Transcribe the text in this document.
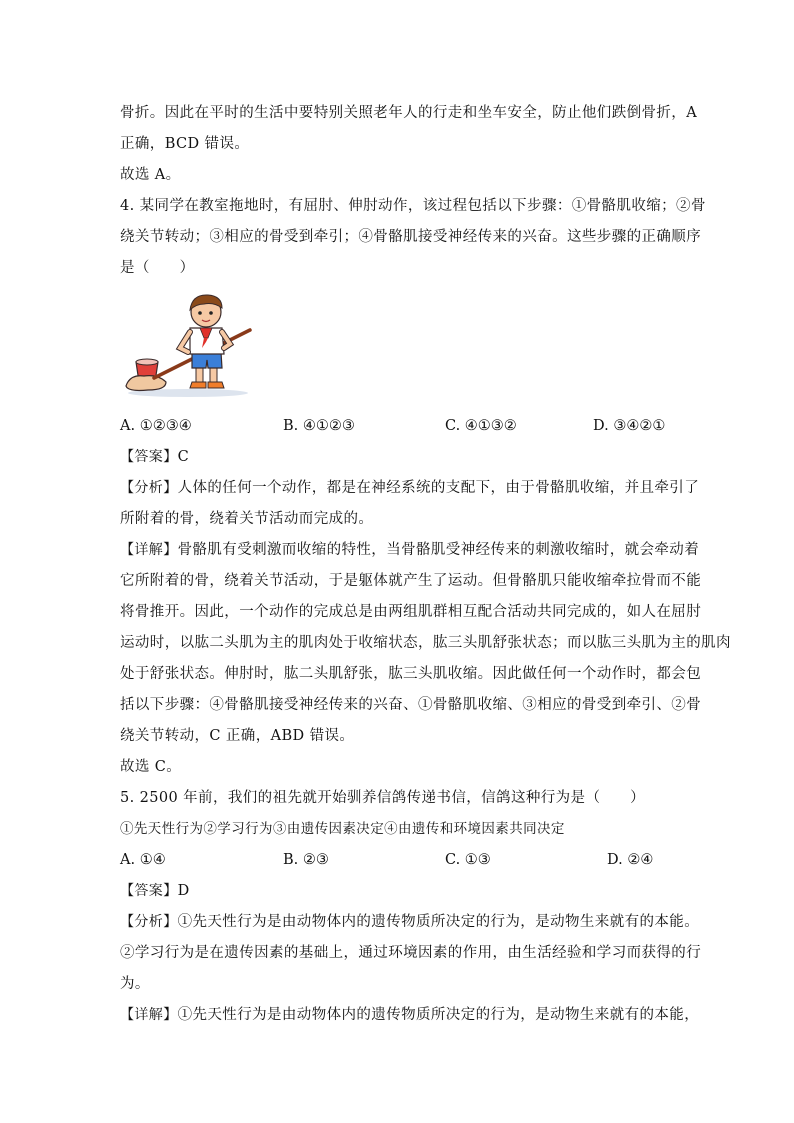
骨折。因此在平时的生活中要特别关照老年人的行走和坐车安全，防止他们跌倒骨折，A
正确，BCD 错误。
故选 A。
4. 某同学在教室拖地时，有屈肘、伸肘动作，该过程包括以下步骤：①骨骼肌收缩；②骨
绕关节转动；③相应的骨受到牵引；④骨骼肌接受神经传来的兴奋。这些步骤的正确顺序
是（　　）
A. ①②③④	B. ④①②③	C. ④①③②	D. ③④②①
【答案】C
【分析】人体的任何一个动作，都是在神经系统的支配下，由于骨骼肌收缩，并且牵引了
所附着的骨，绕着关节活动而完成的。
【详解】骨骼肌有受刺激而收缩的特性，当骨骼肌受神经传来的刺激收缩时，就会牵动着
它所附着的骨，绕着关节活动，于是躯体就产生了运动。但骨骼肌只能收缩牵拉骨而不能
将骨推开。因此，一个动作的完成总是由两组肌群相互配合活动共同完成的，如人在屈肘
运动时，以肱二头肌为主的肌肉处于收缩状态，肱三头肌舒张状态；而以肱三头肌为主的肌肉
处于舒张状态。伸肘时，肱二头肌舒张，肱三头肌收缩。因此做任何一个动作时，都会包
括以下步骤：④骨骼肌接受神经传来的兴奋、①骨骼肌收缩、③相应的骨受到牵引、②骨
绕关节转动，C 正确，ABD 错误。
故选 C。
5. 2500 年前，我们的祖先就开始驯养信鸽传递书信，信鸽这种行为是（　　）
①先天性行为②学习行为③由遗传因素决定④由遗传和环境因素共同决定
A. ①④	B. ②③	C. ①③	D. ②④
【答案】D
【分析】①先天性行为是由动物体内的遗传物质所决定的行为，是动物生来就有的本能。
②学习行为是在遗传因素的基础上，通过环境因素的作用，由生活经验和学习而获得的行
为。
【详解】①先天性行为是由动物体内的遗传物质所决定的行为，是动物生来就有的本能，
